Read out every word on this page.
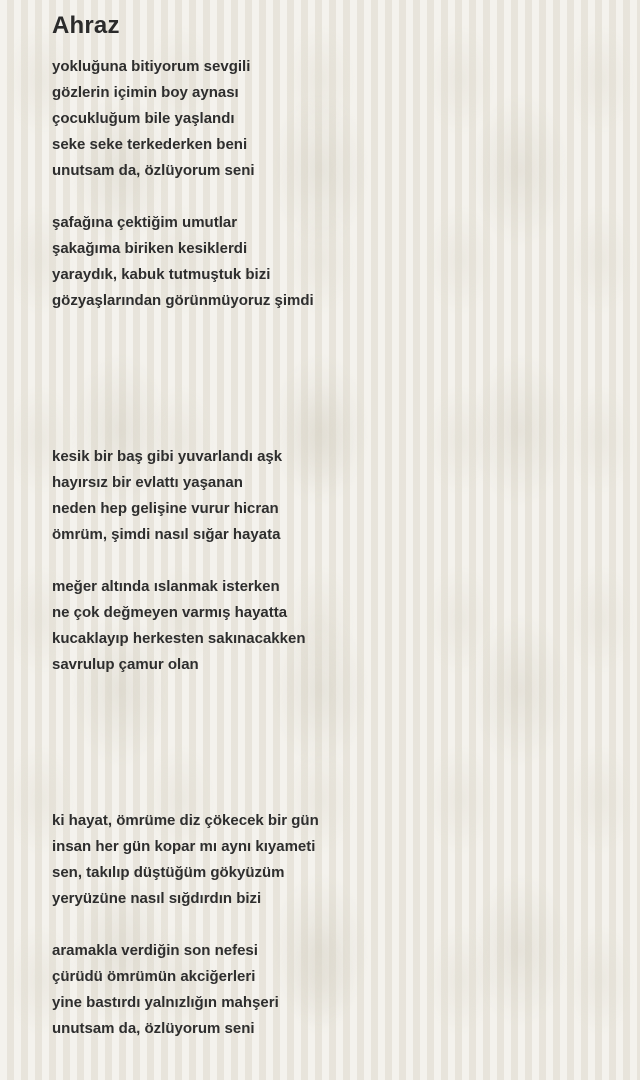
Ahraz
yokluğuna bitiyorum sevgili
gözlerin içimin boy aynası
çocukluğum bile yaşlandı
seke seke terkederken beni
unutsam da, özlüyorum seni
şafağına çektiğim umutlar
şakağıma biriken kesiklerdi
yaraydık, kabuk tutmuştuk bizi
gözyaşlarından görünmüyoruz şimdi
kesik bir baş gibi yuvarlandı aşk
hayırsız bir evlattı yaşanan
neden hep gelişine vurur hicran
ömrüm, şimdi nasıl sığar hayata
meğer altında ıslanmak isterken
ne çok değmeyen varmış hayatta
kucaklayıp herkesten sakınacakken
savrulup çamur olan
ki hayat, ömrüme diz çökecek bir gün
insan her gün kopar mı aynı kıyameti
sen, takılıp düştüğüm gökyüzüm
yeryüzüne nasıl sığdırdın bizi
aramakla verdiğin son nefesi
çürüdü ömrümün akciğerleri
yine bastırdı yalnızlığın mahşeri
unutsam da, özlüyorum seni
